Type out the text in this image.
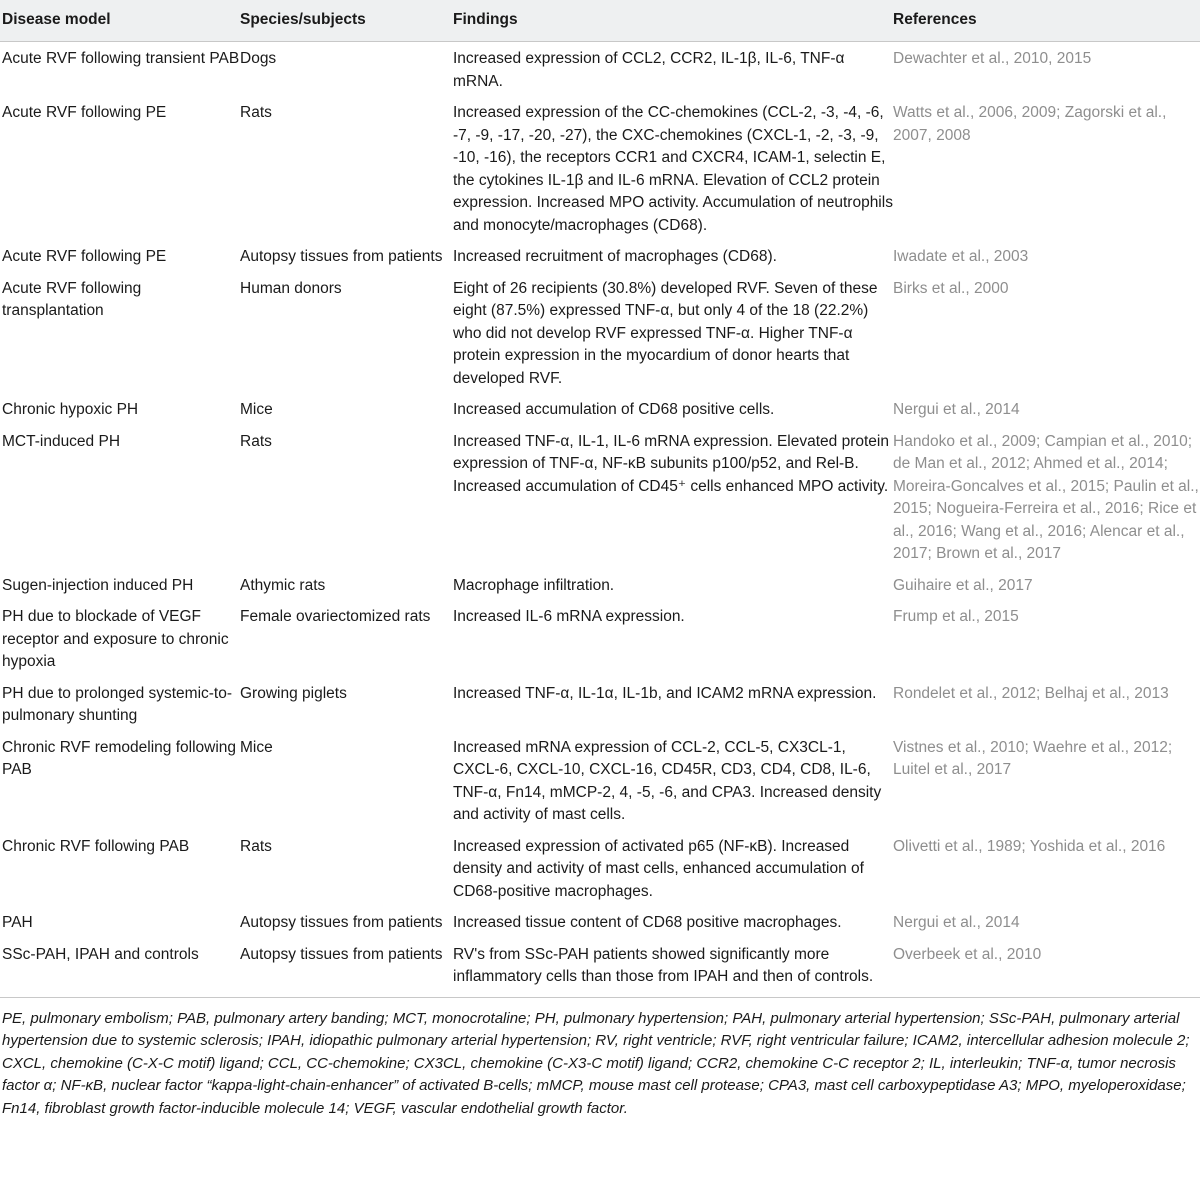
Disease model	Species/subjects	Findings	References
Acute RVF following transient PAB	Dogs	Increased expression of CCL2, CCR2, IL-1β, IL-6, TNF-α mRNA.	Dewachter et al., 2010, 2015
Acute RVF following PE	Rats	Increased expression of the CC-chemokines (CCL-2, -3, -4, -6, -7, -9, -17, -20, -27), the CXC-chemokines (CXCL-1, -2, -3, -9, -10, -16), the receptors CCR1 and CXCR4, ICAM-1, selectin E, the cytokines IL-1β and IL-6 mRNA. Elevation of CCL2 protein expression. Increased MPO activity. Accumulation of neutrophils and monocyte/macrophages (CD68).	Watts et al., 2006, 2009; Zagorski et al., 2007, 2008
Acute RVF following PE	Autopsy tissues from patients	Increased recruitment of macrophages (CD68).	Iwadate et al., 2003
Acute RVF following transplantation	Human donors	Eight of 26 recipients (30.8%) developed RVF. Seven of these eight (87.5%) expressed TNF-α, but only 4 of the 18 (22.2%) who did not develop RVF expressed TNF-α. Higher TNF-α protein expression in the myocardium of donor hearts that developed RVF.	Birks et al., 2000
Chronic hypoxic PH	Mice	Increased accumulation of CD68 positive cells.	Nergui et al., 2014
MCT-induced PH	Rats	Increased TNF-α, IL-1, IL-6 mRNA expression. Elevated protein expression of TNF-α, NF-κB subunits p100/p52, and Rel-B. Increased accumulation of CD45⁺ cells enhanced MPO activity.	Handoko et al., 2009; Campian et al., 2010; de Man et al., 2012; Ahmed et al., 2014; Moreira-Goncalves et al., 2015; Paulin et al., 2015; Nogueira-Ferreira et al., 2016; Rice et al., 2016; Wang et al., 2016; Alencar et al., 2017; Brown et al., 2017
Sugen-injection induced PH	Athymic rats	Macrophage infiltration.	Guihaire et al., 2017
PH due to blockade of VEGF receptor and exposure to chronic hypoxia	Female ovariectomized rats	Increased IL-6 mRNA expression.	Frump et al., 2015
PH due to prolonged systemic-to-pulmonary shunting	Growing piglets	Increased TNF-α, IL-1α, IL-1b, and ICAM2 mRNA expression.	Rondelet et al., 2012; Belhaj et al., 2013
Chronic RVF remodeling following PAB	Mice	Increased mRNA expression of CCL-2, CCL-5, CX3CL-1, CXCL-6, CXCL-10, CXCL-16, CD45R, CD3, CD4, CD8, IL-6, TNF-α, Fn14, mMCP-2, 4, -5, -6, and CPA3. Increased density and activity of mast cells.	Vistnes et al., 2010; Waehre et al., 2012; Luitel et al., 2017
Chronic RVF following PAB	Rats	Increased expression of activated p65 (NF-κB). Increased density and activity of mast cells, enhanced accumulation of CD68-positive macrophages.	Olivetti et al., 1989; Yoshida et al., 2016
PAH	Autopsy tissues from patients	Increased tissue content of CD68 positive macrophages.	Nergui et al., 2014
SSc-PAH, IPAH and controls	Autopsy tissues from patients	RV's from SSc-PAH patients showed significantly more inflammatory cells than those from IPAH and then of controls.	Overbeek et al., 2010
PE, pulmonary embolism; PAB, pulmonary artery banding; MCT, monocrotaline; PH, pulmonary hypertension; PAH, pulmonary arterial hypertension; SSc-PAH, pulmonary arterial hypertension due to systemic sclerosis; IPAH, idiopathic pulmonary arterial hypertension; RV, right ventricle; RVF, right ventricular failure; ICAM2, intercellular adhesion molecule 2; CXCL, chemokine (C-X-C motif) ligand; CCL, CC-chemokine; CX3CL, chemokine (C-X3-C motif) ligand; CCR2, chemokine C-C receptor 2; IL, interleukin; TNF-α, tumor necrosis factor α; NF-κB, nuclear factor “kappa-light-chain-enhancer” of activated B-cells; mMCP, mouse mast cell protease; CPA3, mast cell carboxypeptidase A3; MPO, myeloperoxidase; Fn14, fibroblast growth factor-inducible molecule 14; VEGF, vascular endothelial growth factor.
